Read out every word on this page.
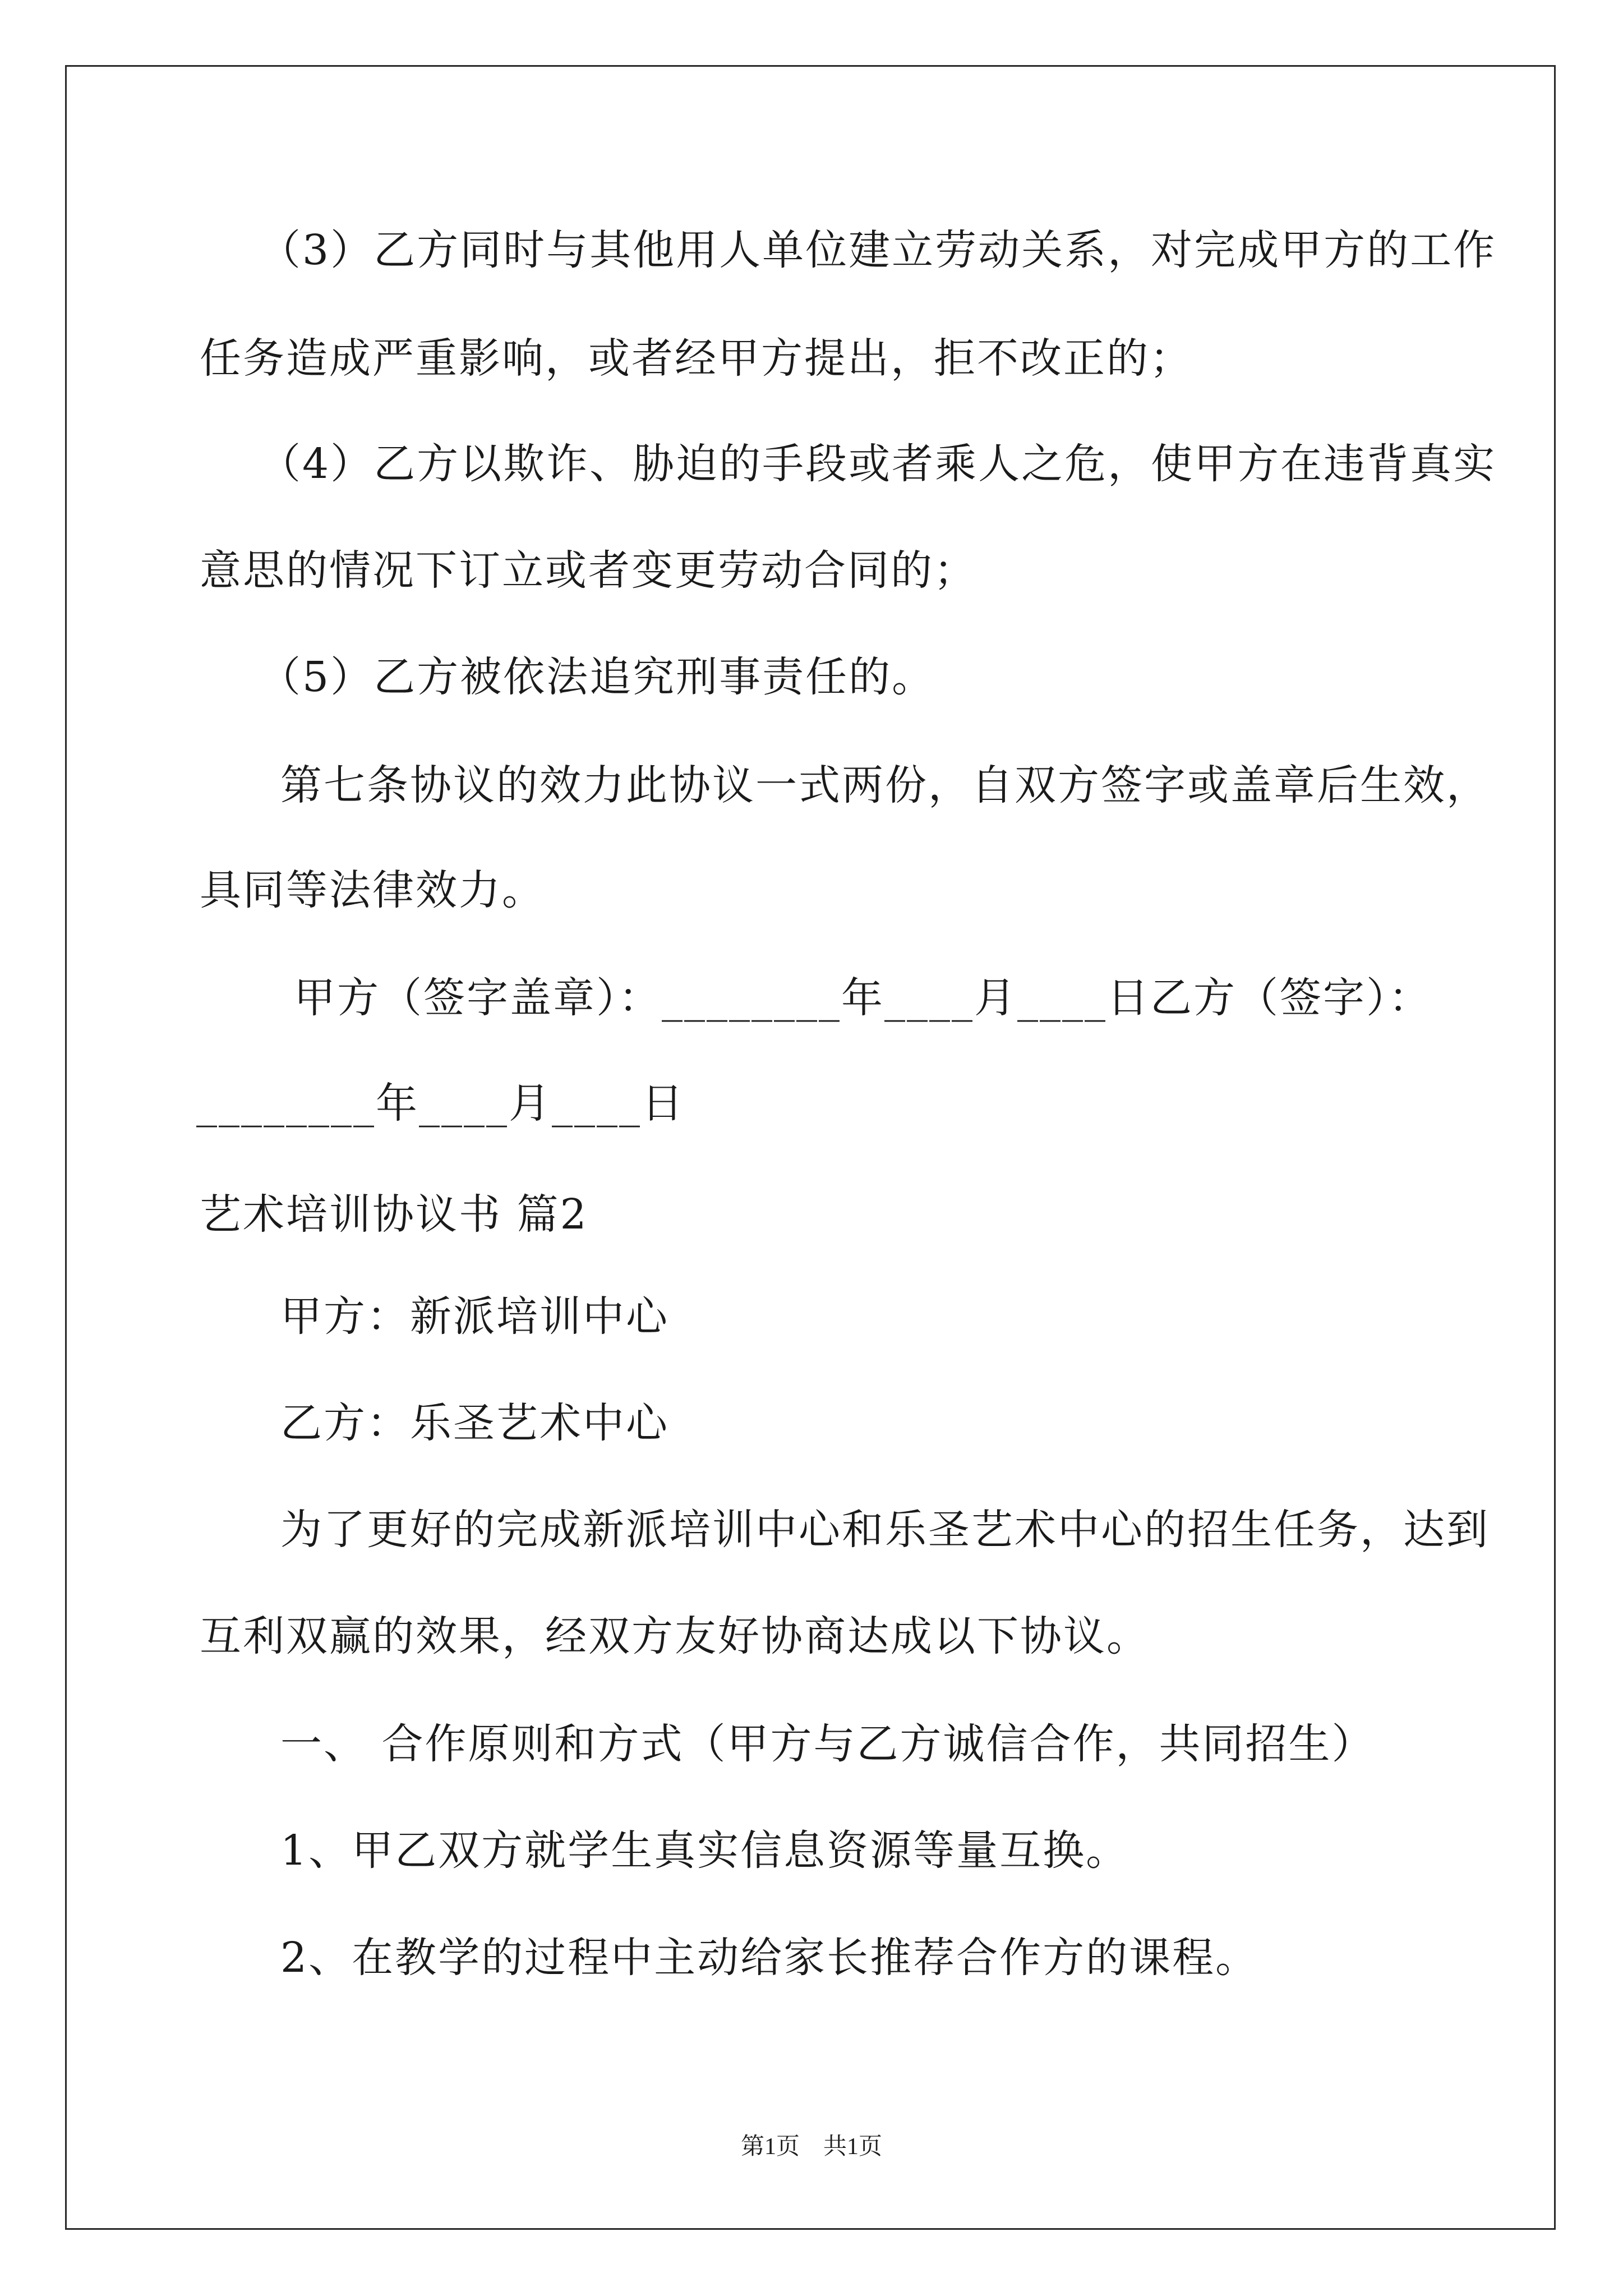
（3）乙方同时与其他用人单位建立劳动关系，对完成甲方的工作
任务造成严重影响，或者经甲方提出，拒不改正的；
（4）乙方以欺诈、胁迫的手段或者乘人之危，使甲方在违背真实
意思的情况下订立或者变更劳动合同的；
（5）乙方被依法追究刑事责任的。
第七条协议的效力此协议一式两份，自双方签字或盖章后生效，
具同等法律效力。
甲方（签字盖章）：________年____月____日乙方（签字）：
________年____月____日
艺术培训协议书 篇2
甲方：新派培训中心
乙方：乐圣艺术中心
为了更好的完成新派培训中心和乐圣艺术中心的招生任务，达到
互利双赢的效果，经双方友好协商达成以下协议。
一、 合作原则和方式（甲方与乙方诚信合作，共同招生）
1、甲乙双方就学生真实信息资源等量互换。
2、在教学的过程中主动给家长推荐合作方的课程。
第1页　共1页
